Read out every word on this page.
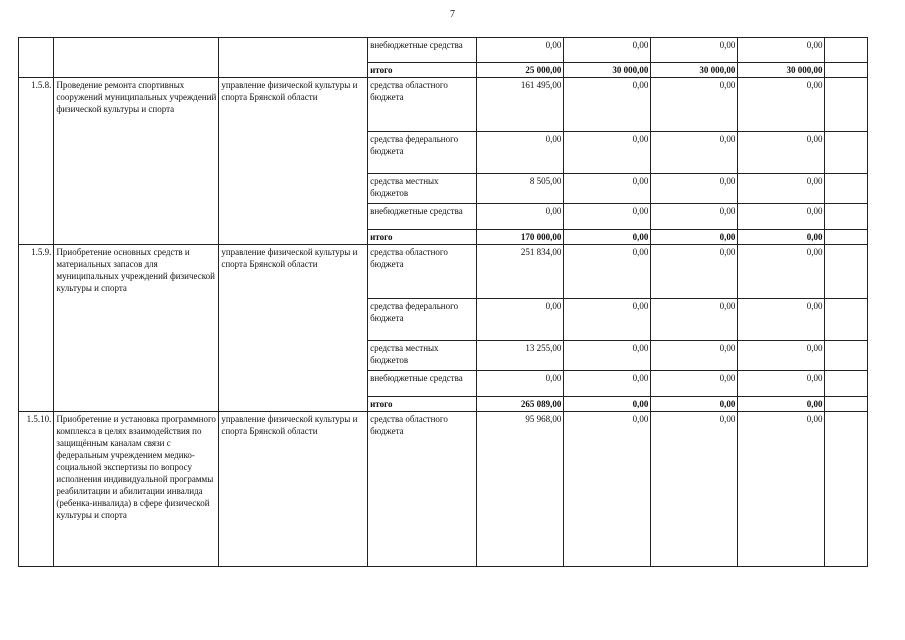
7
			внебюджетные средства	0,00	0,00	0,00	0,00	
			итого	25 000,00	30 000,00	30 000,00	30 000,00	
1.5.8.	Проведение ремонта спортивных сооружений муниципальных учреждений физической культуры и спорта	управление физической культуры и спорта Брянской области	средства областного бюджета	161 495,00	0,00	0,00	0,00	
			средства федерального бюджета	0,00	0,00	0,00	0,00	
			средства местных бюджетов	8 505,00	0,00	0,00	0,00	
			внебюджетные средства	0,00	0,00	0,00	0,00	
			итого	170 000,00	0,00	0,00	0,00	
1.5.9.	Приобретение основных средств и материальных запасов для муниципальных учреждений физической культуры и спорта	управление физической культуры и спорта Брянской области	средства областного бюджета	251 834,00	0,00	0,00	0,00	
			средства федерального бюджета	0,00	0,00	0,00	0,00	
			средства местных бюджетов	13 255,00	0,00	0,00	0,00	
			внебюджетные средства	0,00	0,00	0,00	0,00	
			итого	265 089,00	0,00	0,00	0,00	
1.5.10.	Приобретение и установка программного комплекса в целях взаимодействия по защищённым каналам связи с федеральным учреждением медико-социальной экспертизы по вопросу исполнения индивидуальной программы реабилитации и абилитации инвалида (ребенка-инвалида) в сфере физической культуры и спорта	управление физической культуры и спорта Брянской области	средства областного бюджета	95 968,00	0,00	0,00	0,00	
